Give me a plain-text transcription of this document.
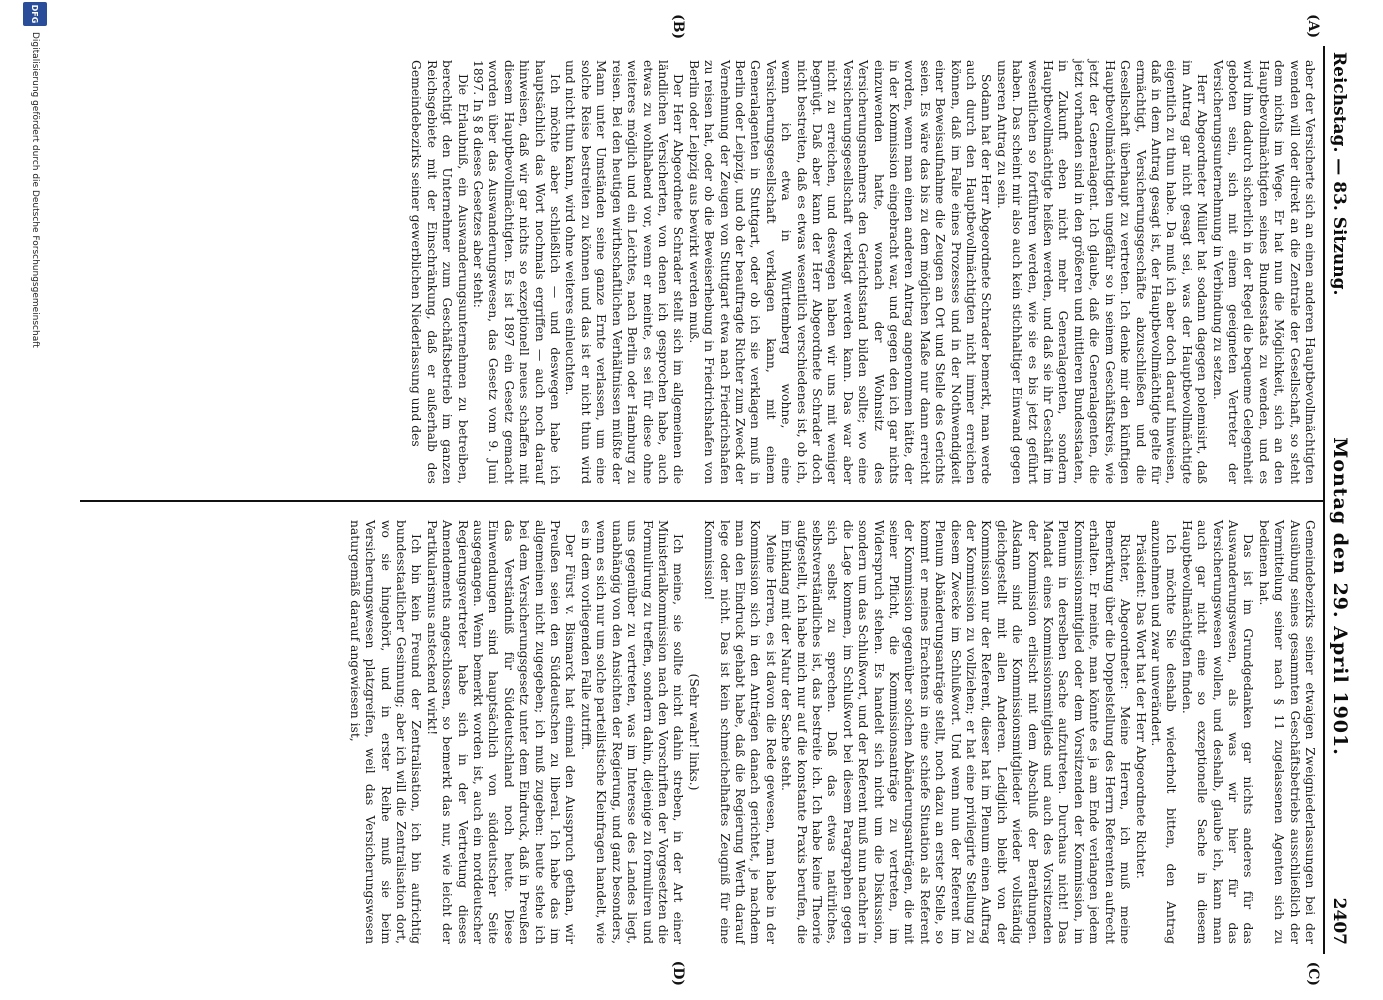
Reichstag. — 83. Sitzung.
Montag den 29. April 1901.
2407
(A)
(B)
(C)
(D)

aber der Versicherte sich an einen anderen Hauptbevollmächtigten wenden will oder direkt an die Zentrale der Gesellschaft, so steht dem nichts im Wege. Er hat nun die Möglichkeit, sich an den Hauptbevollmächtigten seines Bundesstaats zu wenden, und es wird ihm dadurch sicherlich in der Regel die bequeme Gelegenheit geboten sein, sich mit einem geeigneten Vertreter der Versicherungsunternehmung in Verbindung zu setzen.

Herr Abgeordneter Müller hat sodann dagegen polemisirt, daß im Antrag gar nicht gesagt sei, was der Hauptbevollmächtigte eigentlich zu thun habe. Da muß ich aber doch darauf hinweisen, daß in dem Antrag gesagt ist, der Hauptbevollmächtigte gelte für ermächtigt, Versicherungsgeschäfte abzuschließen und die Gesellschaft überhaupt zu vertreten. Ich denke mir den künftigen Hauptbevollmächtigten ungefähr so in seinem Geschäftskreis, wie jetzt der Generalagent. Ich glaube, daß die Generalagenten, die jetzt vorhanden sind in den größeren und mittleren Bundesstaaten, in Zukunft eben nicht mehr Generalagenten, sondern Hauptbevollmächtigte heißen werden, und daß sie ihr Geschäft im wesentlichen so fortführen werden, wie sie es bis jetzt geführt haben. Das scheint mir also auch kein stichhaltiger Einwand gegen unseren Antrag zu sein.

Sodann hat der Herr Abgeordnete Schrader bemerkt, man werde auch durch den Hauptbevollmächtigten nicht immer erreichen können, daß im Falle eines Prozesses und in der Nothwendigkeit einer Beweisaufnahme die Zeugen an Ort und Stelle des Gerichts seien. Es wäre das bis zu dem möglichen Maße nur dann erreicht worden, wenn man einen anderen Antrag angenommen hätte, der in der Kommission eingebracht war, und gegen den ich gar nichts einzuwenden hatte, wonach der Wohnsitz des Versicherungsnehmers den Gerichtsstand bilden sollte; wo eine Versicherungsgesellschaft verklagt werden kann. Das war aber nicht zu erreichen, und deswegen haben wir uns mit weniger begnügt. Daß aber kann der Herr Abgeordnete Schrader doch nicht bestreiten, daß es etwas wesentlich verschiedenes ist, ob ich, wenn ich etwa in Württemberg wohne, eine Versicherungsgesellschaft verklagen kann, mit einem Generalagenten in Stuttgart, oder ob ich sie verklagen muß in Berlin oder Leipzig, und ob der beauftragte Richter zum Zweck der Vernehmung der Zeugen von Stuttgart etwa nach Friedrichshafen zu reisen hat, oder ob die Beweiserhebung in Friedrichshafen von Berlin oder Leipzig aus bewirkt werden muß.

Der Herr Abgeordnete Schrader stellt sich im allgemeinen die ländlichen Versicherten, von denen ich gesprochen habe, auch etwas zu wohlhabend vor, wenn er meinte, es sei für diese ohne weiteres möglich und ein Leichtes, nach Berlin oder Hamburg zu reisen. Bei den heutigen wirthschaftlichen Verhältnissen müßte der Mann unter Umständen seine ganze Ernte verlassen, um eine solche Reise bestreiten zu können und das ist er nicht thun wird und nicht thun kann, wird ohne weiteres einleuchten.

Ich möchte aber schließlich — und deswegen habe ich hauptsächlich das Wort nochmals ergriffen — auch noch darauf hinweisen, daß wir gar nichts so exzeptionell neues schaffen mit diesem Hauptbevollmächtigten. Es ist 1897 ein Gesetz gemacht worden über das Auswanderungswesen, das Gesetz vom 9. Juni 1897. In § 8 dieses Gesetzes aber steht:

Die Erlaubniß, ein Auswanderungsunternehmen zu betreiben, berechtigt den Unternehmer zum Geschäftsbetrieb im ganzen Reichsgebiete mit der Einschränkung, daß er außerhalb des Gemeindebezirks seiner gewerblichen Niederlassung und des

Gemeindebezirks seiner etwaigen Zweigniederlassungen bei der Ausübung seines gesammten Geschäftsbetriebs ausschließlich der Vermittelung seiner nach § 11 zugelassenen Agenten sich zu bedienen hat.

Das ist im Grundgedanken gar nichts anderes für das Auswanderungswesen, als was wir hier für das Versicherungswesen wollen, und deshalb, glaube ich, kann man auch gar nicht eine so exzeptionelle Sache in diesem Hauptbevollmächtigten finden.

Ich möchte Sie deshalb wiederholt bitten, den Antrag anzunehmen und zwar unverändert.

Präsident: Das Wort hat der Herr Abgeordnete Richter.

Richter, Abgeordneter: Meine Herren, ich muß meine Bemerkung über die Doppelstellung des Herrn Referenten aufrecht erhalten. Er meinte, man könnte es ja am Ende verlangen jedem Kommissionsmitglied oder dem Vorsitzenden der Kommission, im Plenum in derselben Sache aufzutreten. Durchaus nicht! Das Mandat eines Kommissionsmitglieds und auch des Vorsitzenden der Kommission erlischt mit dem Abschluß der Berathungen. Alsdann sind die Kommissionsmitglieder wieder vollständig gleichgestellt mit allen Anderen. Lediglich bleibt von der Kommission nur der Referent, dieser hat im Plenum einen Auftrag der Kommission zu vollziehen; er hat eine privilegirte Stellung zu diesem Zwecke im Schlußwort. Und wenn nun der Referent im Plenum Abänderungsanträge stellt, noch dazu an erster Stelle, so kommt er meines Erachtens in eine schiefe Situation als Referent der Kommission gegenüber solchen Abänderungsanträgen, die mit seiner Pflicht, die Kommissionsanträge zu vertreten, im Widerspruch stehen. Es handelt sich nicht um die Diskussion, sondern um das Schlußwort, und der Referent muß nun nachher in die Lage kommen, im Schlußwort bei diesem Paragraphen gegen sich selbst zu sprechen. Daß das etwas natürliches, selbstverständliches ist, das bestreite ich. Ich habe keine Theorie aufgestellt, ich habe mich nur auf die konstante Praxis berufen, die im Einklang mit der Natur der Sache steht.

Meine Herren, es ist davon die Rede gewesen, man habe in der Kommission sich in den Anträgen danach gerichtet, je nachdem man den Eindruck gehabt habe, daß die Regierung Werth darauf lege oder nicht. Das ist kein schmeichelhaftes Zeugniß für eine Kommission!

(Sehr wahr! links.)

Ich meine, sie sollte nicht dahin streben, in der Art einer Ministerialkommission nach den Vorschriften der Vorgesetzten die Formulirung zu treffen, sondern dahin, diejenige zu formuliren und uns gegenüber zu vertreten, was im Interesse des Landes liegt, unabhängig von den Ansichten der Regierung, und ganz besonders, wenn es sich nur um solche parteilistische Kleinfragen handelt, wie es in dem vorliegenden Falle zutrifft.

Der Fürst v. Bismarck hat einmal den Ausspruch gethan, wir Preußen seien den Süddeutschen zu liberal. Ich habe das im allgemeinen nicht zugegeben; ich muß zugeben: heute stehe ich bei dem Versicherungsgesetz unter dem Eindruck, daß in Preußen das Verständniß für Süddeutschland noch heute. Diese Einwendungen sind hauptsächlich von süddeutscher Seite ausgegangen. Wenn bemerkt worden ist, auch ein norddeutscher Regierungsvertreter habe sich in der Vertretung dieses Amendements angeschlossen, so bemerkt das nur, wie leicht der Partikularismus ansteckend wirkt!

Ich bin kein Freund der Zentralisation, ich bin aufrichtig bundesstaatlicher Gesinnung; aber ich will die Zentralisation dort, wo sie hingehört, und in erster Reihe muß sie beim Versicherungswesen platzgreifen, weil das Versicherungswesen naturgemäß darauf angewiesen ist,

DFG
Digitalisierung gefördert durch die Deutsche Forschungsgemeinschaft
